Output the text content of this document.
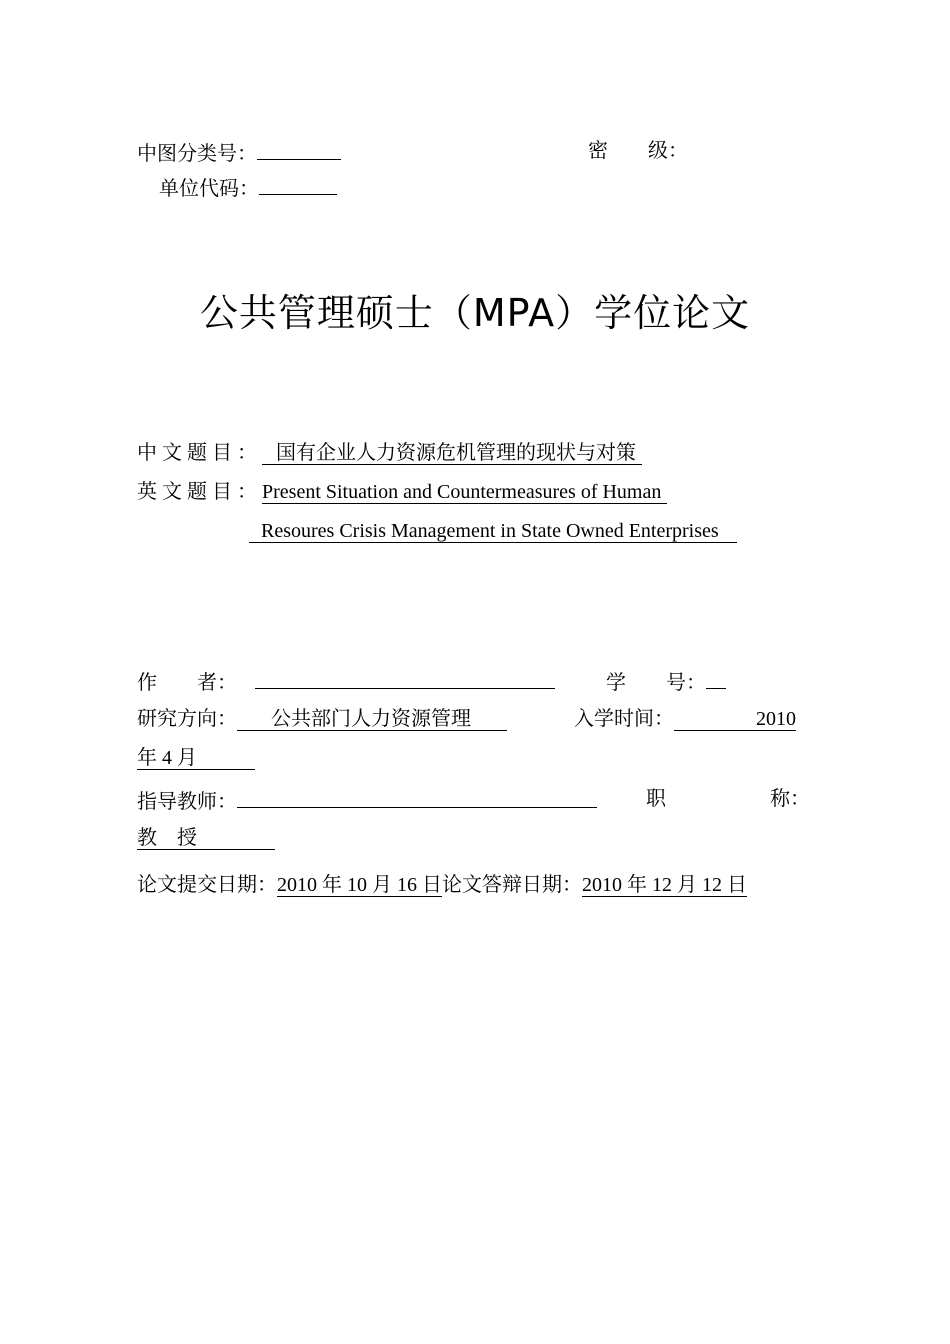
中图分类号：	密　　级：
单位代码：
公共管理硕士（MPA）学位论文
中 文 题 目 ： 国有企业人力资源危机管理的现状与对策
英 文 题 目 ： Present Situation and Countermeasures of Human
Resoures Crisis Management in State Owned Enterprises
作　　者：	学　　号：
研究方向： 公共部门人力资源管理	入学时间：	2010
年 4 月
指导教师：	职	称：
教　授
论文提交日期：2010 年 10 月 16 日论文答辩日期：2010 年 12 月 12 日
